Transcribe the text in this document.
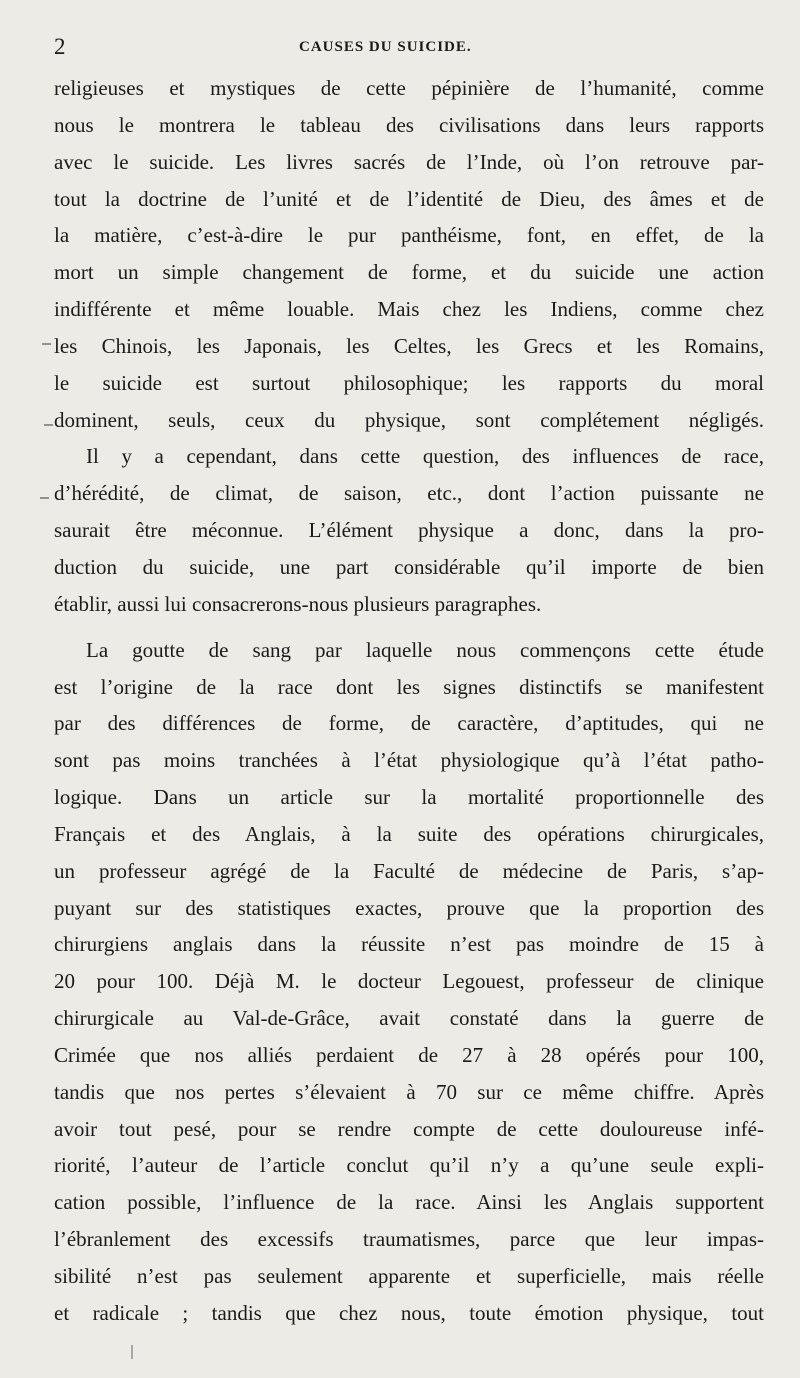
2	CAUSES DU SUICIDE.
religieuses et mystiques de cette pépinière de l’humanité, comme
nous le montrera le tableau des civilisations dans leurs rapports
avec le suicide. Les livres sacrés de l’Inde, où l’on retrouve par-
tout la doctrine de l’unité et de l’identité de Dieu, des âmes et de
la matière, c’est-à-dire le pur panthéisme, font, en effet, de la
mort un simple changement de forme, et du suicide une action
indifférente et même louable. Mais chez les Indiens, comme chez
les Chinois, les Japonais, les Celtes, les Grecs et les Romains,
le suicide est surtout philosophique; les rapports du moral
dominent, seuls, ceux du physique, sont complétement négligés.
Il y a cependant, dans cette question, des influences de race,
d’hérédité, de climat, de saison, etc., dont l’action puissante ne
saurait être méconnue. L’élément physique a donc, dans la pro-
duction du suicide, une part considérable qu’il importe de bien
établir, aussi lui consacrerons-nous plusieurs paragraphes.
La goutte de sang par laquelle nous commençons cette étude
est l’origine de la race dont les signes distinctifs se manifestent
par des différences de forme, de caractère, d’aptitudes, qui ne
sont pas moins tranchées à l’état physiologique qu’à l’état patho-
logique. Dans un article sur la mortalité proportionnelle des
Français et des Anglais, à la suite des opérations chirurgicales,
un professeur agrégé de la Faculté de médecine de Paris, s’ap-
puyant sur des statistiques exactes, prouve que la proportion des
chirurgiens anglais dans la réussite n’est pas moindre de 15 à
20 pour 100. Déjà M. le docteur Legouest, professeur de clinique
chirurgicale au Val-de-Grâce, avait constaté dans la guerre de
Crimée que nos alliés perdaient de 27 à 28 opérés pour 100,
tandis que nos pertes s’élevaient à 70 sur ce même chiffre. Après
avoir tout pesé, pour se rendre compte de cette douloureuse infé-
riorité, l’auteur de l’article conclut qu’il n’y a qu’une seule expli-
cation possible, l’influence de la race. Ainsi les Anglais supportent
l’ébranlement des excessifs traumatismes, parce que leur impas-
sibilité n’est pas seulement apparente et superficielle, mais réelle
et radicale ; tandis que chez nous, toute émotion physique, tout
